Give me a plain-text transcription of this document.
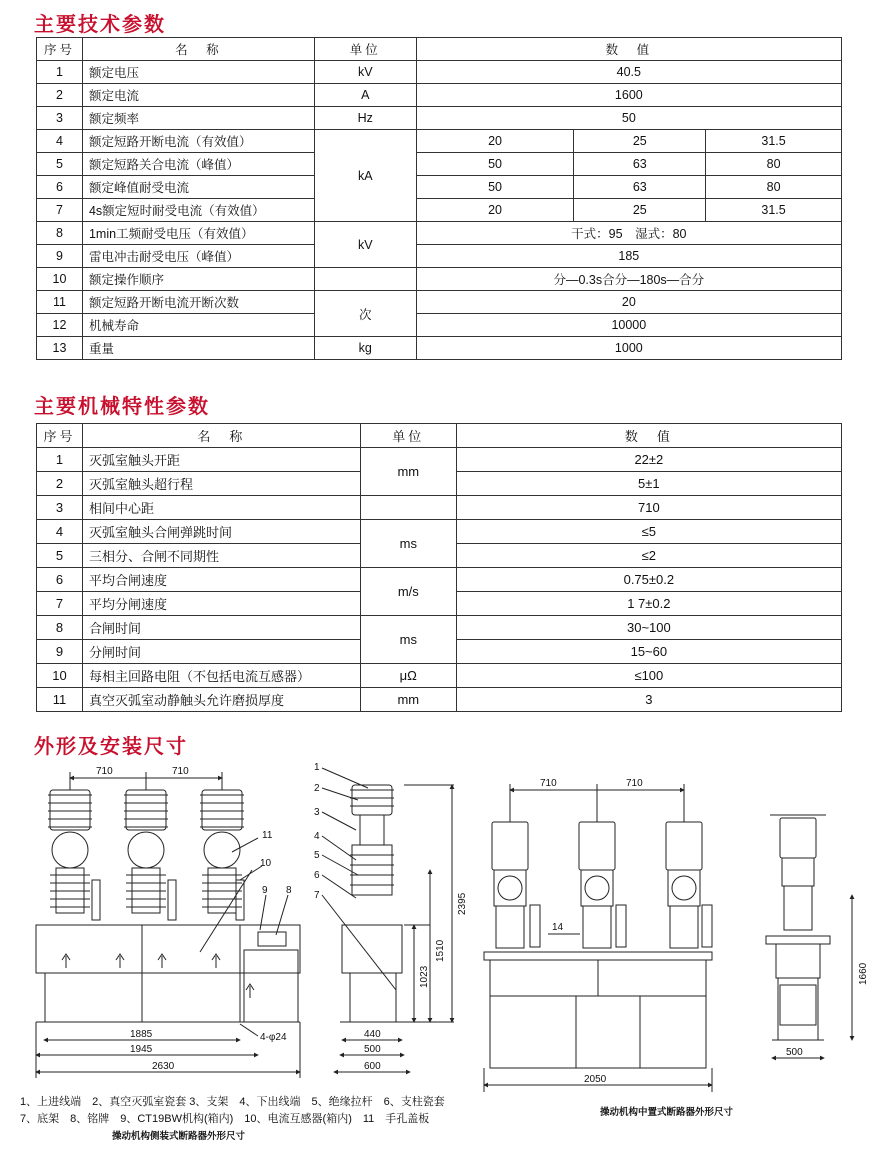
主要技术参数
主要机械特性参数
外形及安装尺寸
序号	名　称	单位	数　值		
1	额定电压	kV	40.5		
2	额定电流	A	1600		
3	额定频率	Hz	50		
4	额定短路开断电流（有效值）	kA	20	25	31.5
5	额定短路关合电流（峰值）		50	63	80
6	额定峰值耐受电流		50	63	80
7	4s额定短时耐受电流（有效值）		20	25	31.5
8	1min工频耐受电压（有效值）	kV	干式：95　湿式：80		
9	雷电冲击耐受电压（峰值）		185		
10	额定操作顺序		分—0.3s合分—180s—合分		
11	额定短路开断电流开断次数	次	20		
12	机械寿命		10000		
13	重量	kg	1000		
序号	名　称	单位	数　值
1	灭弧室触头开距	mm	22±2
2	灭弧室触头超行程		5±1
3	相间中心距		710
4	灭弧室触头合闸弹跳时间	ms	≤5
5	三相分、合闸不同期性		≤2
6	平均合闸速度	m/s	0.75±0.2
7	平均分闸速度		1 7±0.2
8	合闸时间	ms	30~100
9	分闸时间		15~60
10	每相主回路电阻（不包括电流互感器）	μΩ	≤100
11	真空灭弧室动静触头允许磨损厚度	mm	3
710	710
11
10
9 8
1885
1945
2630
4-φ24
1
2
3
4
5
6
7	2395
1510
1023
440
500
600
710	710
14
2050
1660
500
1、上进线端　2、真空灭弧室瓷套 3、支架　4、下出线端　5、绝缘拉杆　6、支柱瓷套
7、底架　8、铭牌　9、CT19BW机构(箱内)　10、电流互感器(箱内)　11　手孔盖板
操动机构侧装式断路器外形尺寸
操动机构中置式断路器外形尺寸
